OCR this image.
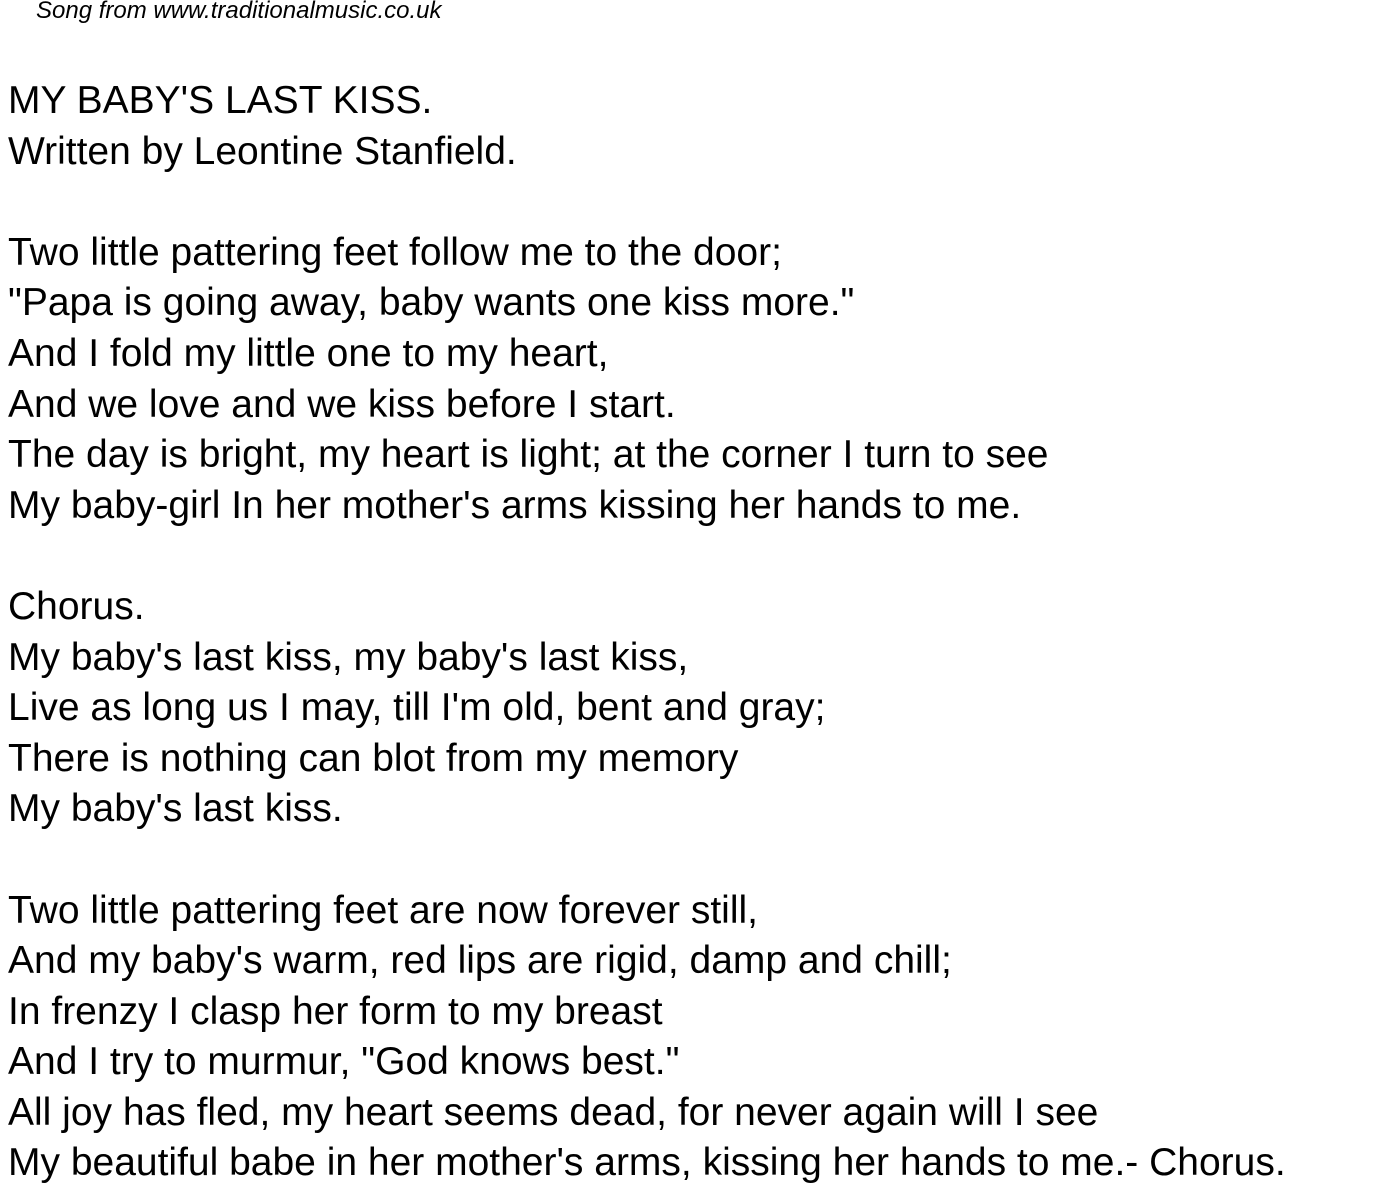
Song from www.traditionalmusic.co.uk
MY BABY'S LAST KISS.
Written by Leontine Stanfield.
Two little pattering feet follow me to the door;
"Papa is going away, baby wants one kiss more."
And I fold my little one to my heart,
And we love and we kiss before I start.
The day is bright, my heart is light; at the corner I turn to see
My baby-girl In her mother's arms kissing her hands to me.
Chorus.
My baby's last kiss, my baby's last kiss,
Live as long us I may, till I'm old, bent and gray;
There is nothing can blot from my memory
My baby's last kiss.
Two little pattering feet are now forever still,
And my baby's warm, red lips are rigid, damp and chill;
In frenzy I clasp her form to my breast
And I try to murmur, "God knows best."
All joy has fled, my heart seems dead, for never again will I see
My beautiful babe in her mother's arms, kissing her hands to me.- Chorus.
